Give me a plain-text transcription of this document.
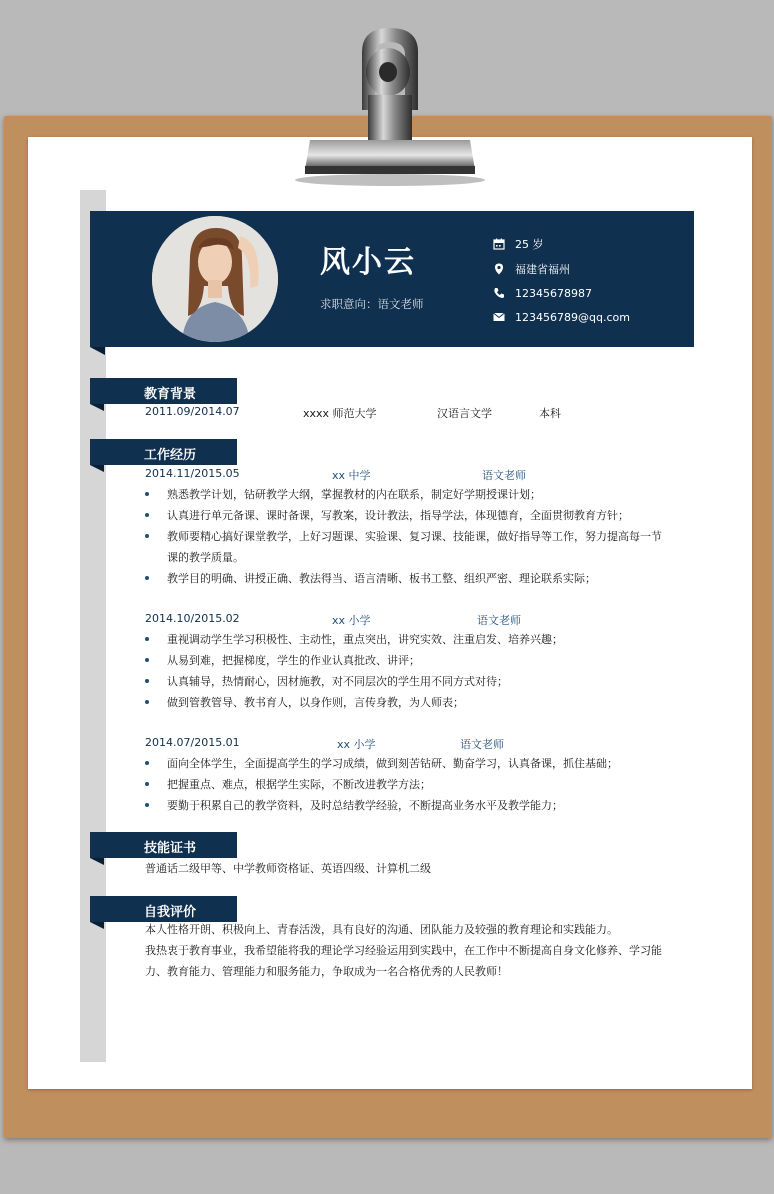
风小云
求职意向：语文老师
25 岁
福建省福州
12345678987
123456789@qq.com
教育背景
2011.09/2014.07	xxxx 师范大学	汉语言文学	本科
工作经历
2014.11/2015.05	xx 中学	语文老师
熟悉教学计划，钻研教学大纲，掌握教材的内在联系，制定好学期授课计划；
认真进行单元备课、课时备课，写教案，设计教法，指导学法，体现德育，全面贯彻教育方针；
教师要精心搞好课堂教学，上好习题课、实验课、复习课、技能课，做好指导等工作，努力提高每一节课的教学质量。
教学目的明确、讲授正确、教法得当、语言清晰、板书工整、组织严密、理论联系实际；
2014.10/2015.02	xx 小学	语文老师
重视调动学生学习积极性、主动性，重点突出，讲究实效、注重启发、培养兴趣；
从易到难，把握梯度，学生的作业认真批改、讲评；
认真辅导，热情耐心，因材施教，对不同层次的学生用不同方式对待；
做到管教管导、教书育人，以身作则，言传身教，为人师表；
2014.07/2015.01	xx 小学	语文老师
面向全体学生，全面提高学生的学习成绩，做到刻苦钻研、勤奋学习，认真备课，抓住基础；
把握重点、难点，根据学生实际，不断改进教学方法；
要勤于积累自己的教学资料，及时总结教学经验，不断提高业务水平及教学能力；
技能证书
普通话二级甲等、中学教师资格证、英语四级、计算机二级
自我评价
本人性格开朗、积极向上、青春活泼，具有良好的沟通、团队能力及较强的教育理论和实践能力。
我热衷于教育事业，我希望能将我的理论学习经验运用到实践中，在工作中不断提高自身文化修养、学习能力、教育能力、管理能力和服务能力，争取成为一名合格优秀的人民教师！
